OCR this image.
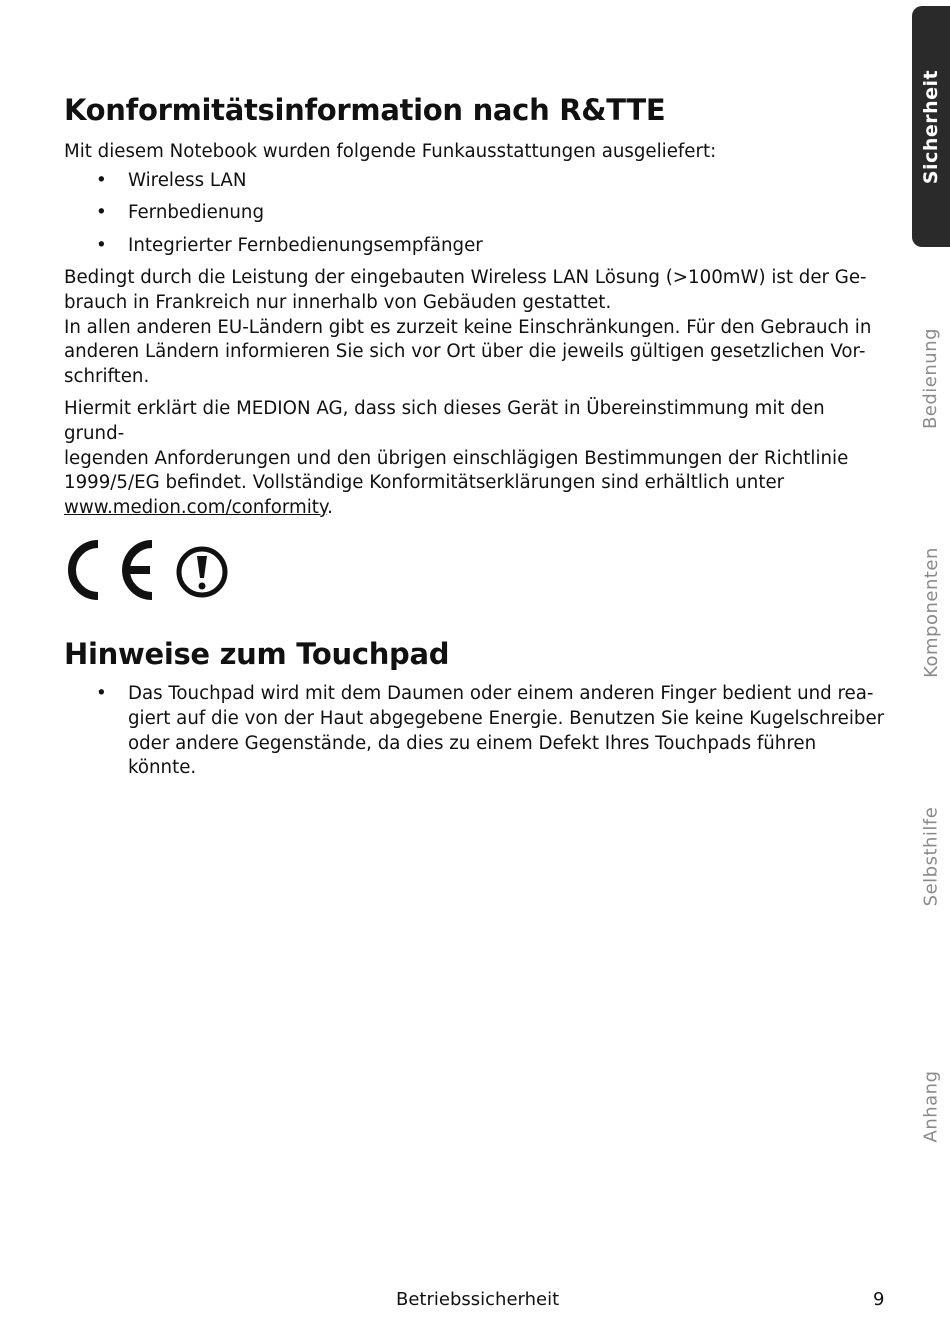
Konformitätsinformation nach R&TTE

Mit diesem Notebook wurden folgende Funkausstattungen ausgeliefert:

• Wireless LAN
• Fernbedienung
• Integrierter Fernbedienungsempfänger

Bedingt durch die Leistung der eingebauten Wireless LAN Lösung (>100mW) ist der Ge-
brauch in Frankreich nur innerhalb von Gebäuden gestattet.
In allen anderen EU-Ländern gibt es zurzeit keine Einschränkungen. Für den Gebrauch in
anderen Ländern informieren Sie sich vor Ort über die jeweils gültigen gesetzlichen Vor-
schriften.

Hiermit erklärt die MEDION AG, dass sich dieses Gerät in Übereinstimmung mit den grund-
legenden Anforderungen und den übrigen einschlägigen Bestimmungen der Richtlinie
1999/5/EG befindet. Vollständige Konformitätserklärungen sind erhältlich unter
www.medion.com/conformity.

Hinweise zum Touchpad
• Das Touchpad wird mit dem Daumen oder einem anderen Finger bedient und rea-
giert auf die von der Haut abgegebene Energie. Benutzen Sie keine Kugelschreiber
oder andere Gegenstände, da dies zu einem Defekt Ihres Touchpads führen könnte.
Sicherheit
Bedienung
Komponenten
Selbsthilfe
Anhang
Betriebssicherheit	9
